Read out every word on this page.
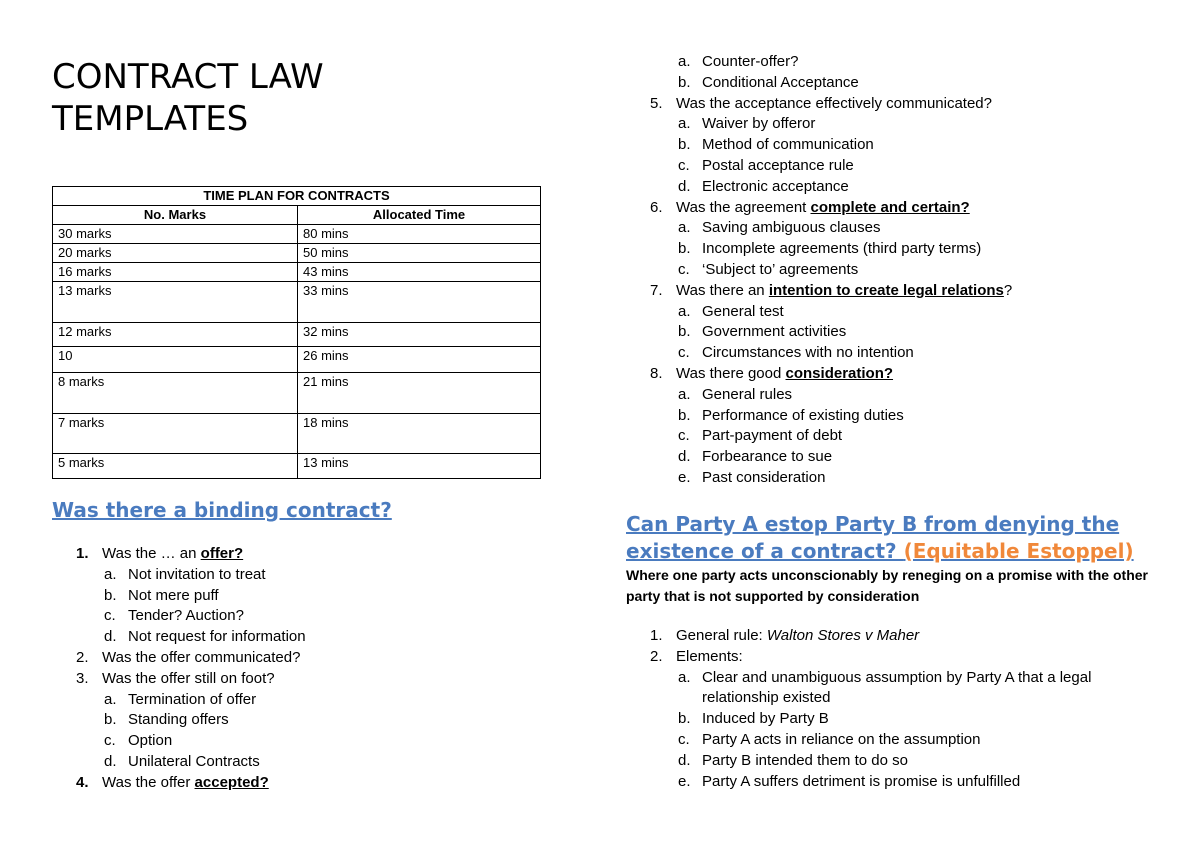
CONTRACT LAW
TEMPLATES
TIME PLAN FOR CONTRACTS	
No. Marks	Allocated Time
30 marks	80 mins
20 marks	50 mins
16 marks	43 mins
13 marks	33 mins
12 marks	32 mins
10	26 mins
8 marks	21 mins
7 marks	18 mins
5 marks	13 mins
Was there a binding contract?
1. Was the … an offer?
a. Not invitation to treat
b. Not mere puff
c. Tender? Auction?
d. Not request for information
2. Was the offer communicated?
3. Was the offer still on foot?
a. Termination of offer
b. Standing offers
c. Option
d. Unilateral Contracts
4. Was the offer accepted?
a. Counter-offer?
b. Conditional Acceptance
5. Was the acceptance effectively communicated?
a. Waiver by offeror
b. Method of communication
c. Postal acceptance rule
d. Electronic acceptance
6. Was the agreement complete and certain?
a. Saving ambiguous clauses
b. Incomplete agreements (third party terms)
c. ‘Subject to’ agreements
7. Was there an intention to create legal relations?
a. General test
b. Government activities
c. Circumstances with no intention
8. Was there good consideration?
a. General rules
b. Performance of existing duties
c. Part-payment of debt
d. Forbearance to sue
e. Past consideration
Can Party A estop Party B from denying the
existence of a contract? (Equitable Estoppel)

Where one party acts unconscionably by reneging on a promise with the other party that is not supported by consideration

1. General rule: Walton Stores v Maher
2. Elements:
a. Clear and unambiguous assumption by Party A that a legal relationship existed
b. Induced by Party B
c. Party A acts in reliance on the assumption
d. Party B intended them to do so
e. Party A suffers detriment is promise is unfulfilled
